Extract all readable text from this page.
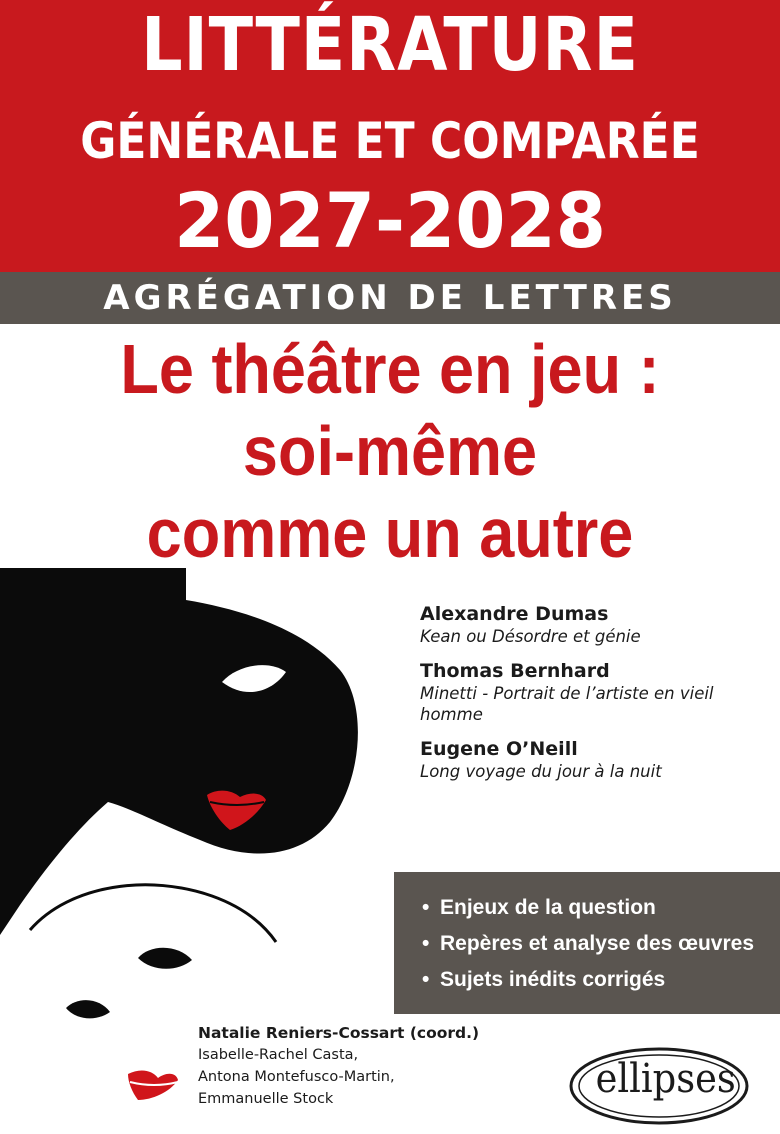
LITTÉRATURE
GÉNÉRALE ET COMPARÉE
2027-2028
AGRÉGATION DE LETTRES
Le théâtre en jeu :
soi-même
comme un autre
Alexandre Dumas
Kean ou Désordre et génie
Thomas Bernhard
Minetti - Portrait de l’artiste en vieil
homme
Eugene O’Neill
Long voyage du jour à la nuit
• Enjeux de la question
• Repères et analyse des œuvres
• Sujets inédits corrigés
Natalie Reniers-Cossart (coord.)
Isabelle-Rachel Casta,
Antona Montefusco-Martin,
Emmanuelle Stock	ellipses
